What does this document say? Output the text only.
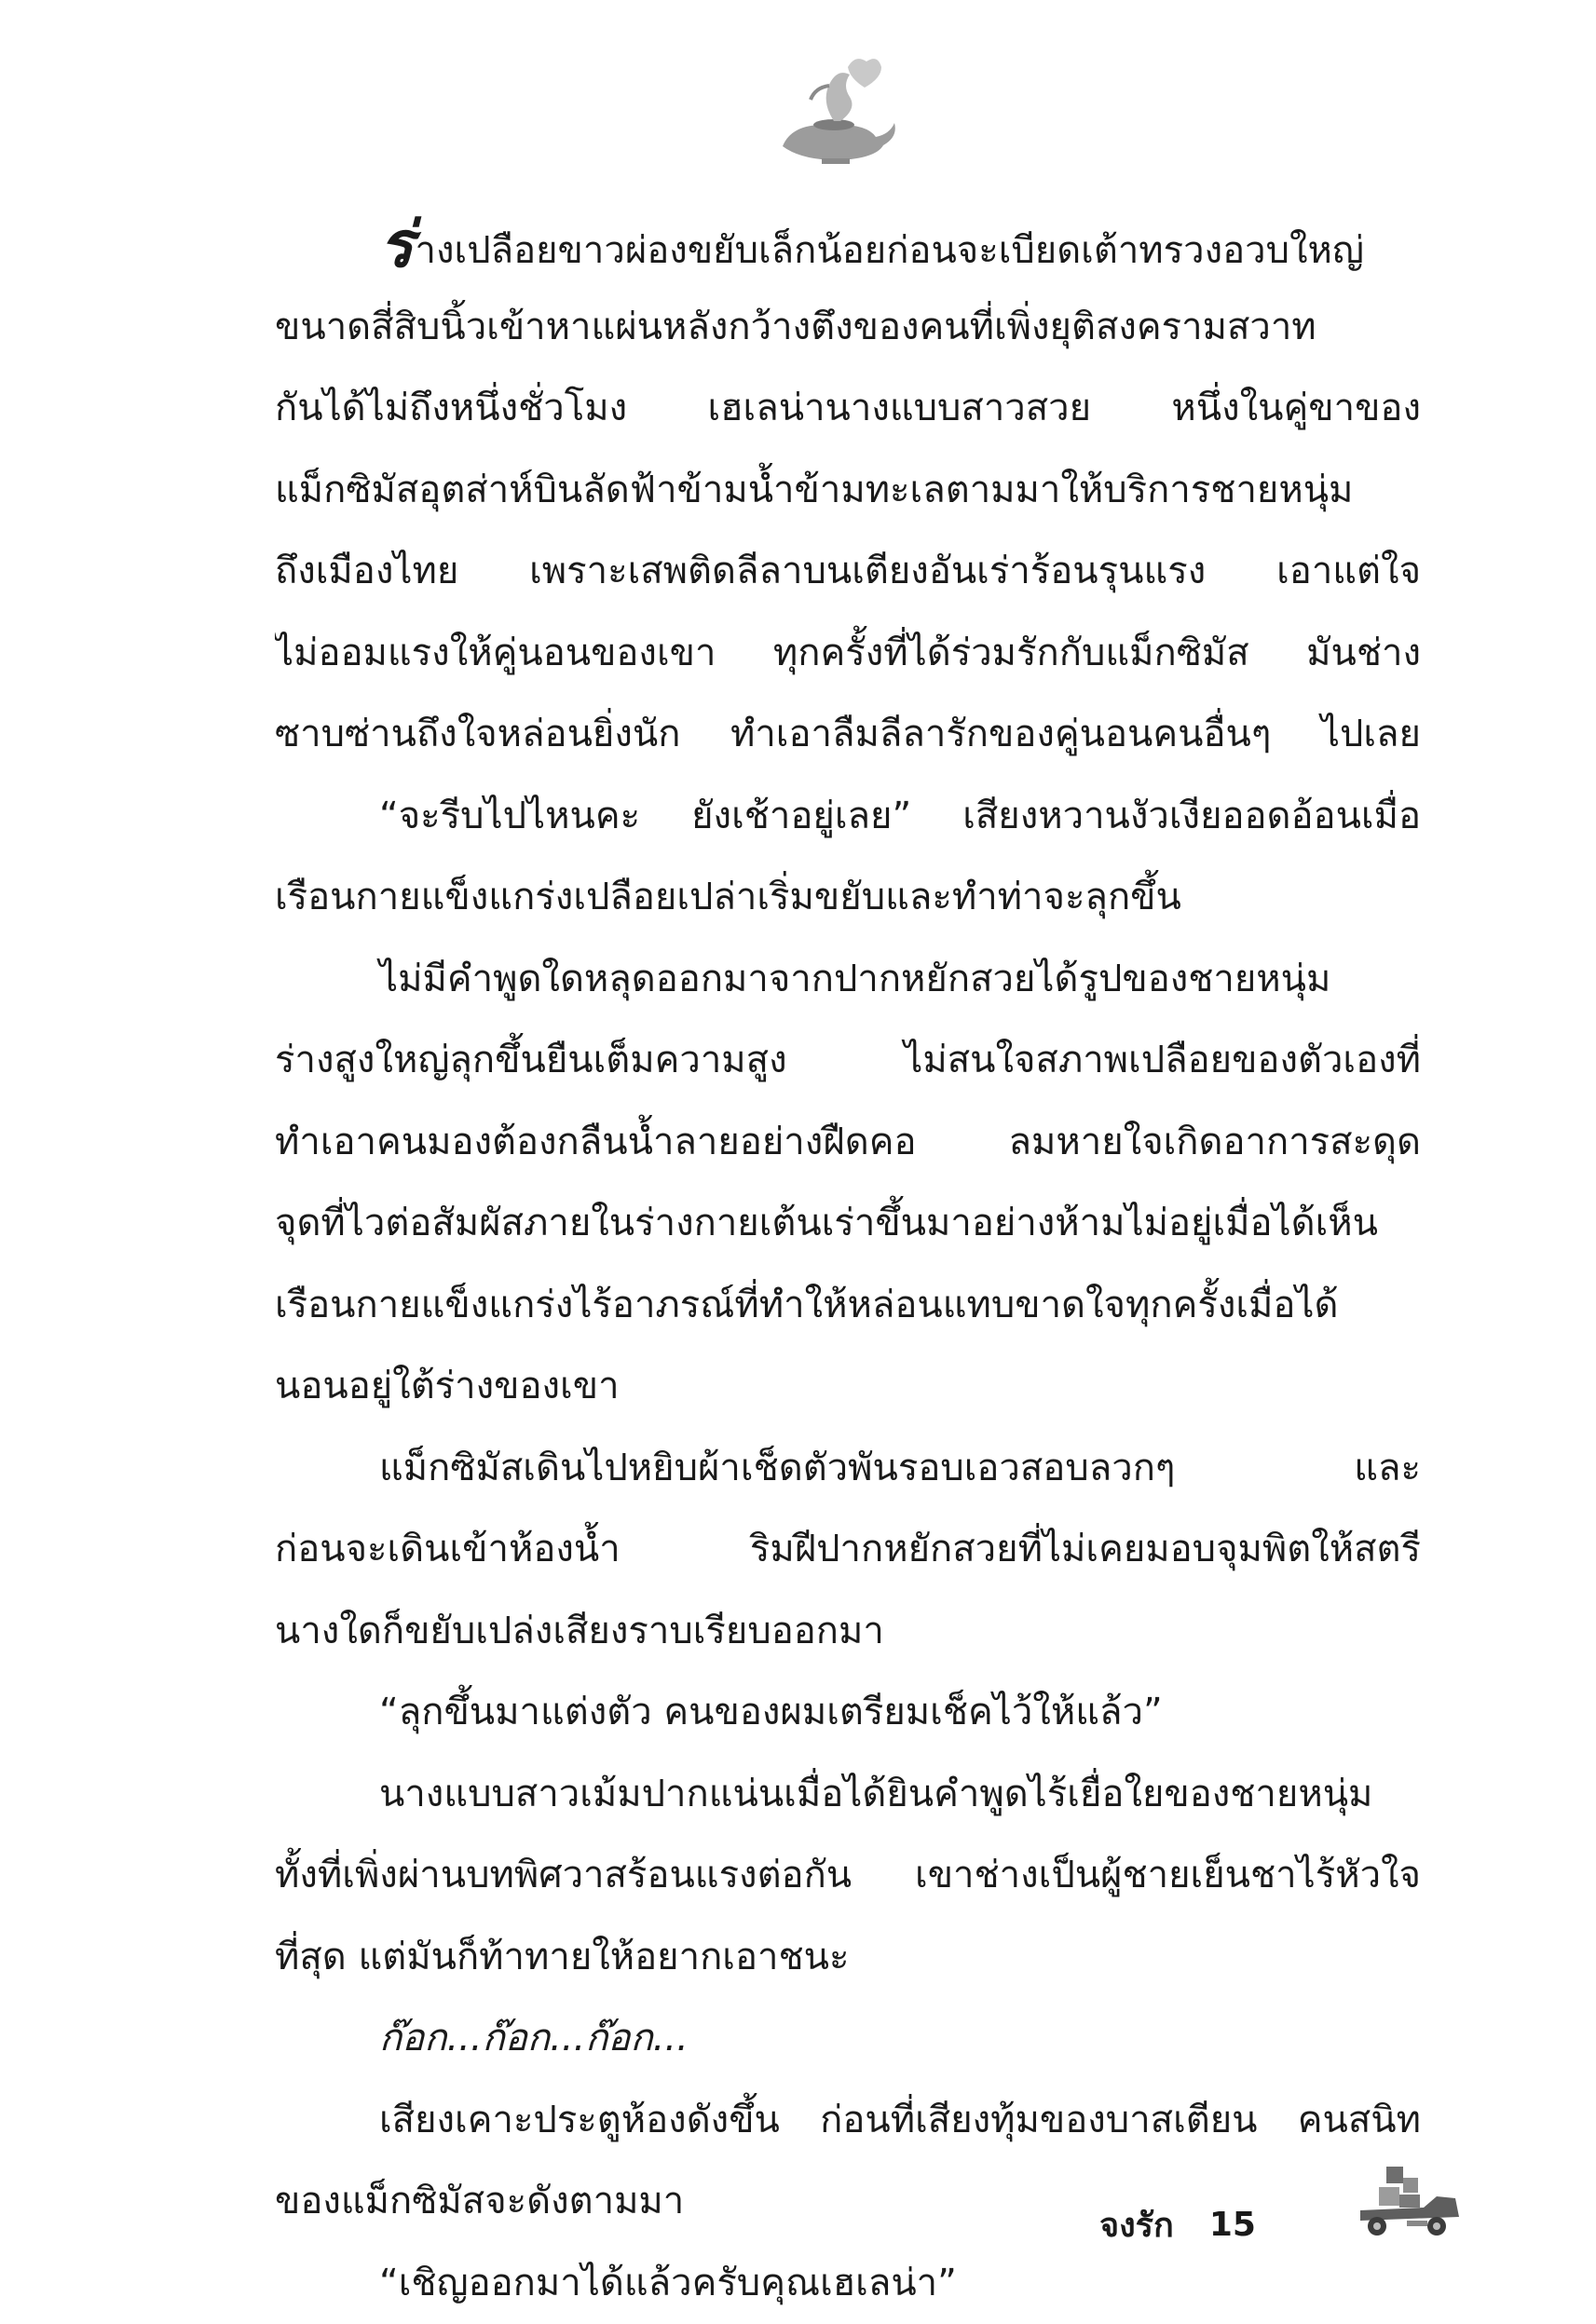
ร่างเปลือยขาวผ่องขยับเล็กน้อยก่อนจะเบียดเต้าทรวงอวบใหญ่
ขนาดสี่สิบนิ้วเข้าหาแผ่นหลังกว้างตึงของคนที่เพิ่งยุติสงครามสวาท
กันได้ไม่ถึงหนึ่งชั่วโมง เฮเลน่านางแบบสาวสวย หนึ่งในคู่ขาของ
แม็กซิมัสอุตส่าห์บินลัดฟ้าข้ามน้ำข้ามทะเลตามมาให้บริการชายหนุ่ม
ถึงเมืองไทย เพราะเสพติดลีลาบนเตียงอันเร่าร้อนรุนแรง เอาแต่ใจ
ไม่ออมแรงให้คู่นอนของเขา ทุกครั้งที่ได้ร่วมรักกับแม็กซิมัส มันช่าง
ซาบซ่านถึงใจหล่อนยิ่งนัก ทำเอาลืมลีลารักของคู่นอนคนอื่นๆ ไปเลย
“จะรีบไปไหนคะ ยังเช้าอยู่เลย” เสียงหวานงัวเงียออดอ้อนเมื่อ
เรือนกายแข็งแกร่งเปลือยเปล่าเริ่มขยับและทำท่าจะลุกขึ้น
ไม่มีคำพูดใดหลุดออกมาจากปากหยักสวยได้รูปของชายหนุ่ม
ร่างสูงใหญ่ลุกขึ้นยืนเต็มความสูง ไม่สนใจสภาพเปลือยของตัวเองที่
ทำเอาคนมองต้องกลืนน้ำลายอย่างฝืดคอ ลมหายใจเกิดอาการสะดุด
จุดที่ไวต่อสัมผัสภายในร่างกายเต้นเร่าขึ้นมาอย่างห้ามไม่อยู่เมื่อได้เห็น
เรือนกายแข็งแกร่งไร้อาภรณ์ที่ทำให้หล่อนแทบขาดใจทุกครั้งเมื่อได้
นอนอยู่ใต้ร่างของเขา
แม็กซิมัสเดินไปหยิบผ้าเช็ดตัวพันรอบเอวสอบลวกๆ และ
ก่อนจะเดินเข้าห้องน้ำ ริมฝีปากหยักสวยที่ไม่เคยมอบจุมพิตให้สตรี
นางใดก็ขยับเปล่งเสียงราบเรียบออกมา
“ลุกขึ้นมาแต่งตัว คนของผมเตรียมเช็คไว้ให้แล้ว”
นางแบบสาวเม้มปากแน่นเมื่อได้ยินคำพูดไร้เยื่อใยของชายหนุ่ม
ทั้งที่เพิ่งผ่านบทพิศวาสร้อนแรงต่อกัน เขาช่างเป็นผู้ชายเย็นชาไร้หัวใจ
ที่สุด แต่มันก็ท้าทายให้อยากเอาชนะ
ก๊อก...ก๊อก...ก๊อก...
เสียงเคาะประตูห้องดังขึ้น ก่อนที่เสียงทุ้มของบาสเตียน คนสนิท
ของแม็กซิมัสจะดังตามมา
“เชิญออกมาได้แล้วครับคุณเฮเลน่า”
จงรัก 15
